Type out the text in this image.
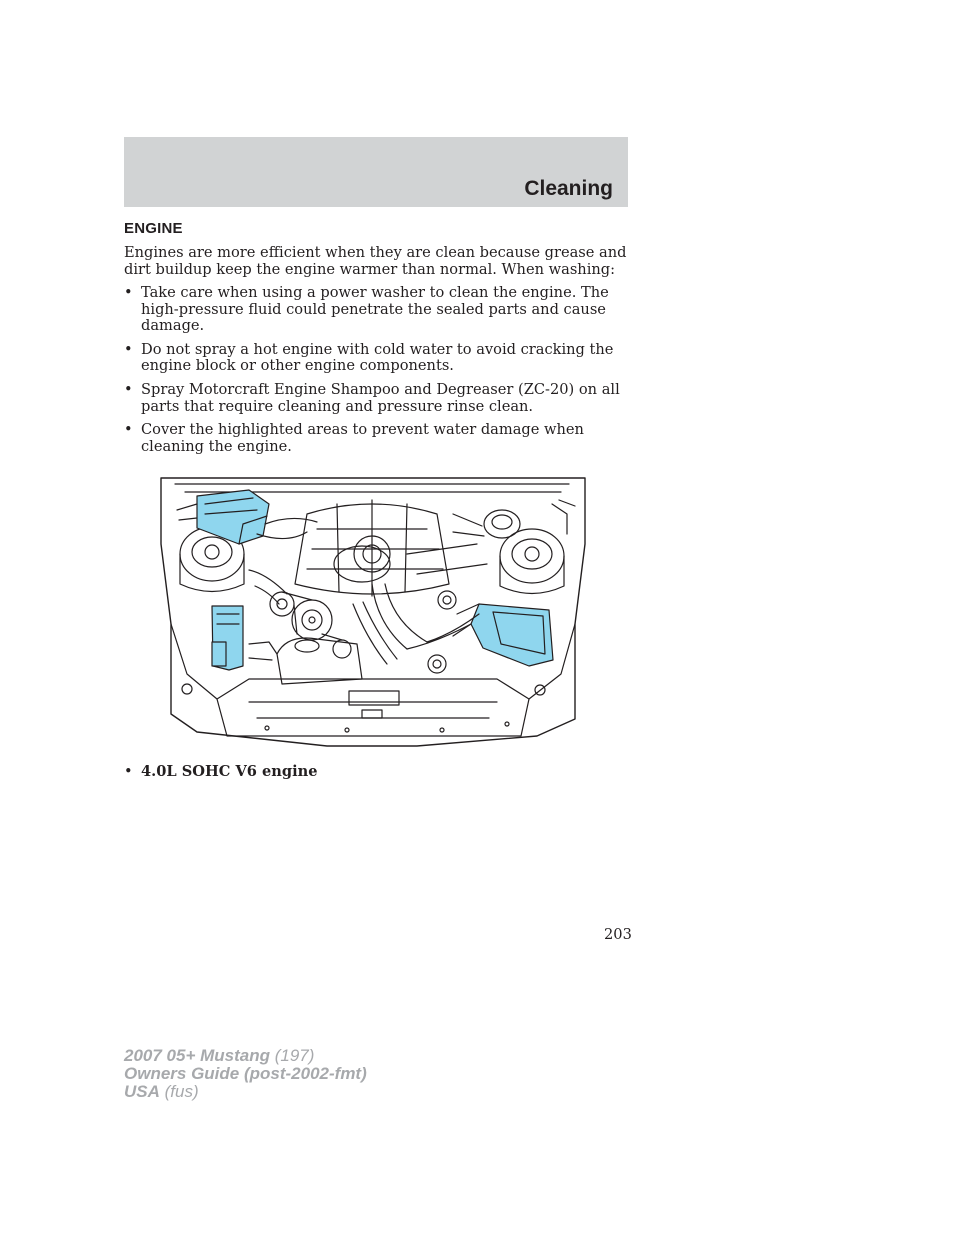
Cleaning
ENGINE
Engines are more efficient when they are clean because grease and dirt buildup keep the engine warmer than normal. When washing:
• Take care when using a power washer to clean the engine. The high-pressure fluid could penetrate the sealed parts and cause damage.
• Do not spray a hot engine with cold water to avoid cracking the engine block or other engine components.
• Spray Motorcraft Engine Shampoo and Degreaser (ZC-20) on all parts that require cleaning and pressure rinse clean.
• Cover the highlighted areas to prevent water damage when cleaning the engine.
• 4.0L SOHC V6 engine
203
2007 05+ Mustang (197)
Owners Guide (post-2002-fmt)
USA (fus)
